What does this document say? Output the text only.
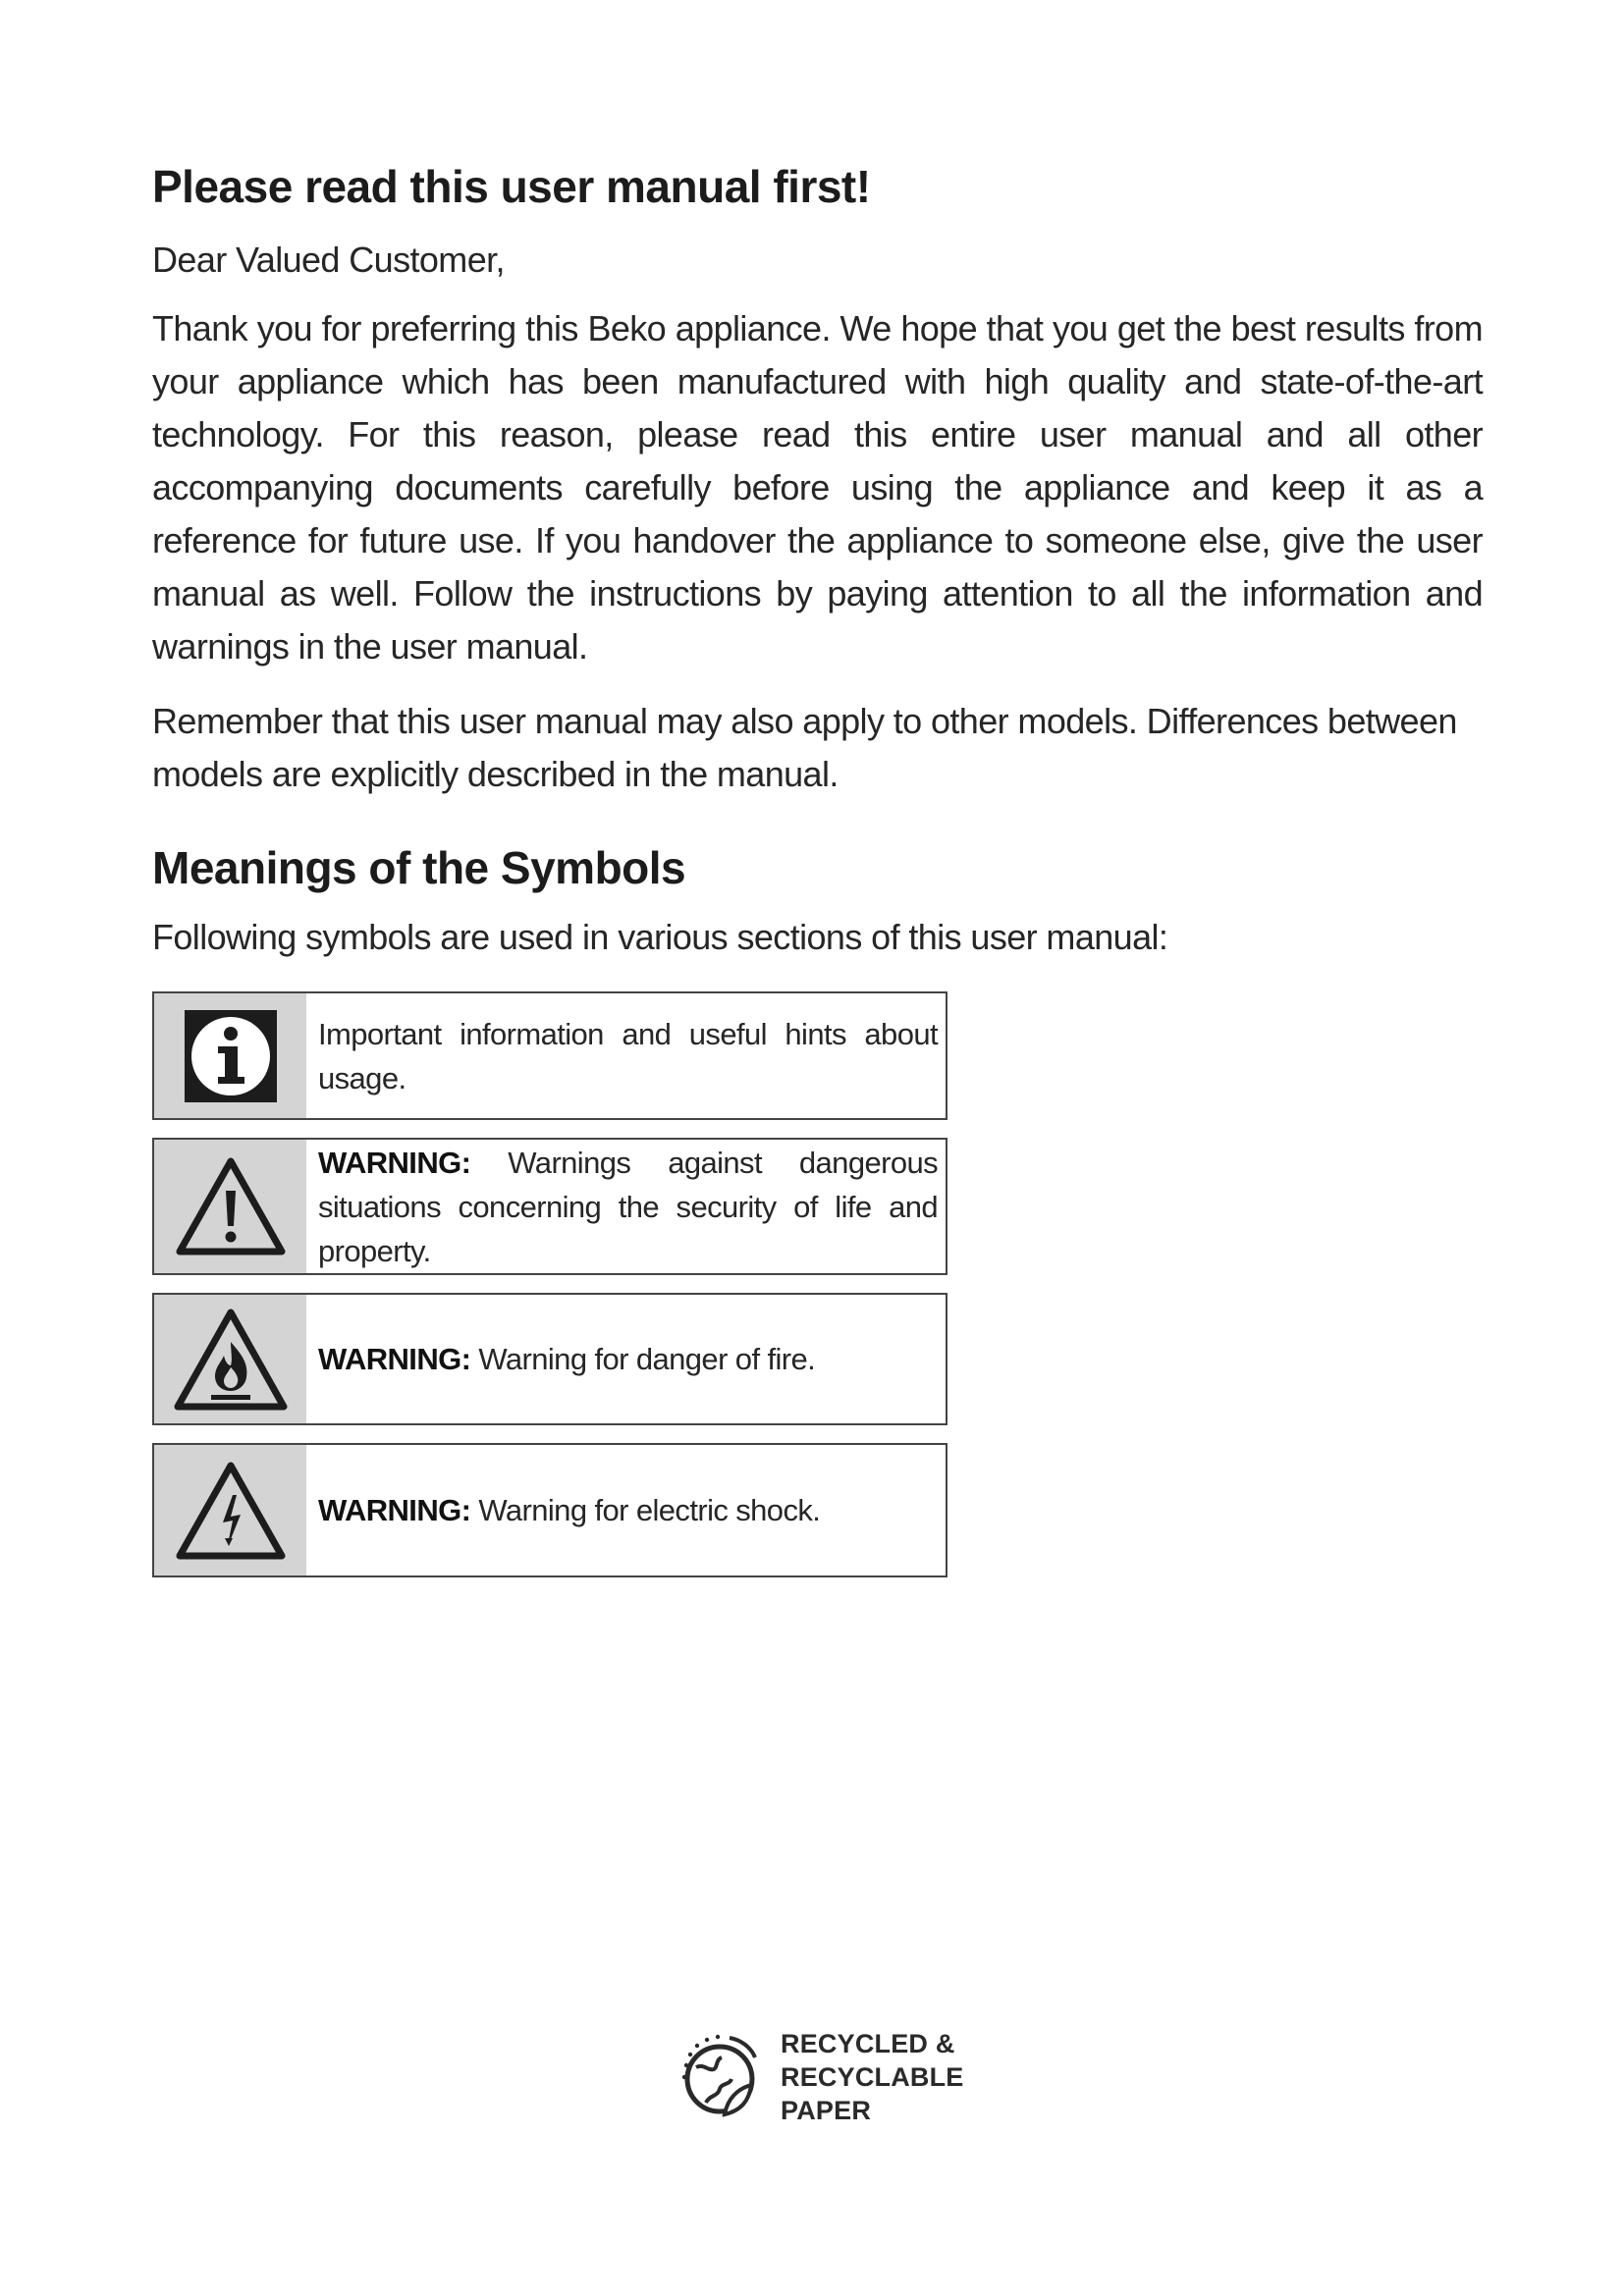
Please read this user manual first!

Dear Valued Customer,

Thank you for preferring this Beko appliance. We hope that you get the best results from your appliance which has been manufactured with high quality and state-of-the-art technology. For this reason, please read this entire user manual and all other accompanying documents carefully before using the appliance and keep it as a reference for future use. If you handover the appliance to someone else, give the user manual as well. Follow the instructions by paying attention to all the information and warnings in the user manual.

Remember that this user manual may also apply to other models. Differences between models are explicitly described in the manual.

Meanings of the Symbols

Following symbols are used in various sections of this user manual:

Important information and useful hints about usage.
WARNING: Warnings against dangerous situations concerning the security of life and property.
WARNING: Warning for danger of fire.
WARNING: Warning for electric shock.
RECYCLED &
RECYCLABLE
PAPER
